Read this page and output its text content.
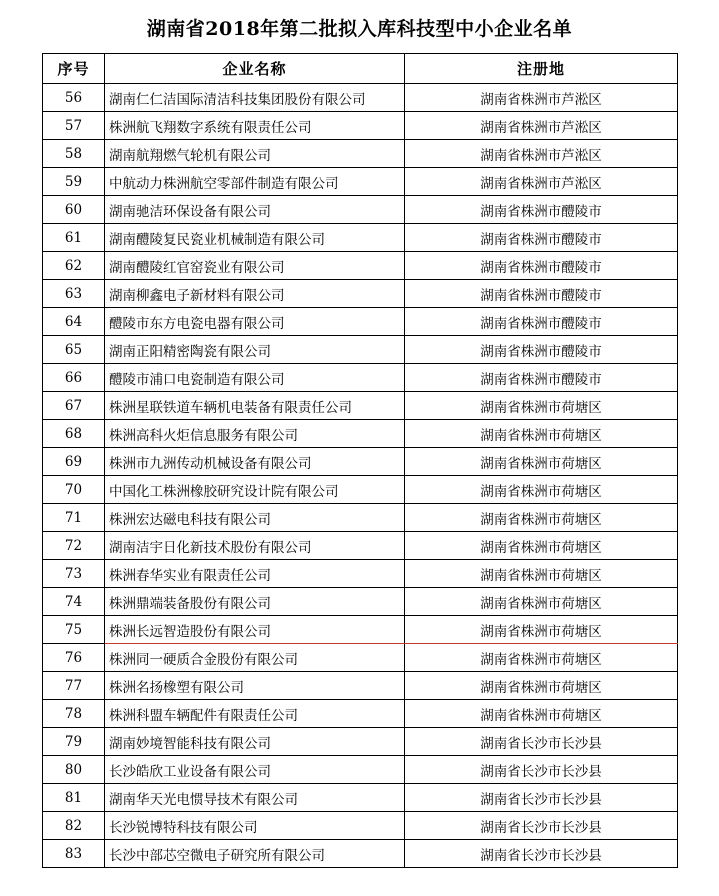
湖南省2018年第二批拟入库科技型中小企业名单
序号	企业名称	注册地
56	湖南仁仁洁国际清洁科技集团股份有限公司	湖南省株洲市芦淞区
57	株洲航飞翔数字系统有限责任公司	湖南省株洲市芦淞区
58	湖南航翔燃气轮机有限公司	湖南省株洲市芦淞区
59	中航动力株洲航空零部件制造有限公司	湖南省株洲市芦淞区
60	湖南驰洁环保设备有限公司	湖南省株洲市醴陵市
61	湖南醴陵复民瓷业机械制造有限公司	湖南省株洲市醴陵市
62	湖南醴陵红官窑瓷业有限公司	湖南省株洲市醴陵市
63	湖南柳鑫电子新材料有限公司	湖南省株洲市醴陵市
64	醴陵市东方电瓷电器有限公司	湖南省株洲市醴陵市
65	湖南正阳精密陶瓷有限公司	湖南省株洲市醴陵市
66	醴陵市浦口电瓷制造有限公司	湖南省株洲市醴陵市
67	株洲星联铁道车辆机电装备有限责任公司	湖南省株洲市荷塘区
68	株洲高科火炬信息服务有限公司	湖南省株洲市荷塘区
69	株洲市九洲传动机械设备有限公司	湖南省株洲市荷塘区
70	中国化工株洲橡胶研究设计院有限公司	湖南省株洲市荷塘区
71	株洲宏达磁电科技有限公司	湖南省株洲市荷塘区
72	湖南洁宇日化新技术股份有限公司	湖南省株洲市荷塘区
73	株洲春华实业有限责任公司	湖南省株洲市荷塘区
74	株洲鼎端装备股份有限公司	湖南省株洲市荷塘区
75	株洲长远智造股份有限公司	湖南省株洲市荷塘区
76	株洲同一硬质合金股份有限公司	湖南省株洲市荷塘区
77	株洲名扬橡塑有限公司	湖南省株洲市荷塘区
78	株洲科盟车辆配件有限责任公司	湖南省株洲市荷塘区
79	湖南妙境智能科技有限公司	湖南省长沙市长沙县
80	长沙皓欣工业设备有限公司	湖南省长沙市长沙县
81	湖南华天光电惯导技术有限公司	湖南省长沙市长沙县
82	长沙锐博特科技有限公司	湖南省长沙市长沙县
83	长沙中部芯空微电子研究所有限公司	湖南省长沙市长沙县
